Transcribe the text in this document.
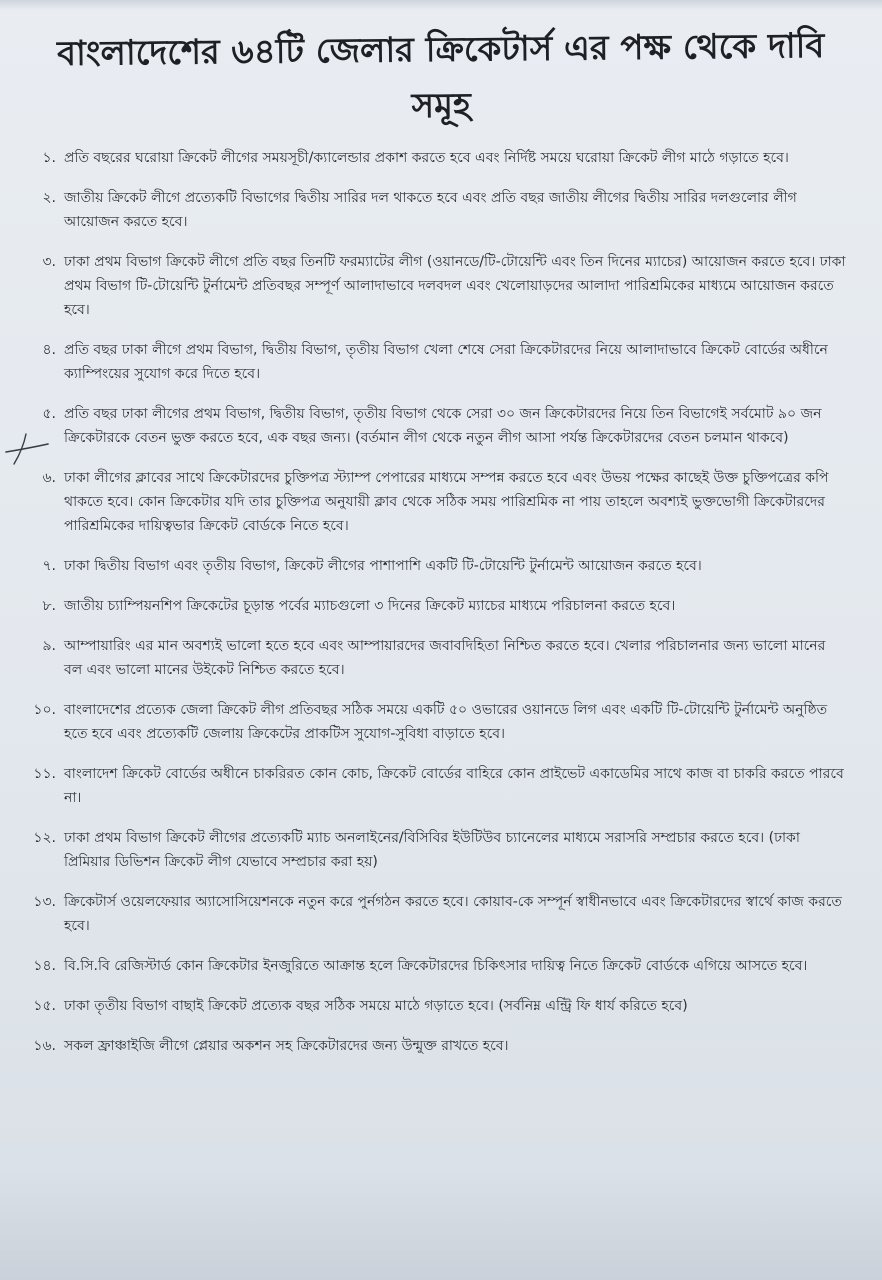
বাংলাদেশের ৬৪টি জেলার ক্রিকেটার্স এর পক্ষ থেকে দাবি সমূহ
১. প্রতি বছরের ঘরোয়া ক্রিকেট লীগের সময়সূচী/ক্যালেন্ডার প্রকাশ করতে হবে এবং নির্দিষ্ট সময়ে ঘরোয়া ক্রিকেট লীগ মাঠে গড়াতে হবে।
২. জাতীয় ক্রিকেট লীগে প্রত্যেকটি বিভাগের দ্বিতীয় সারির দল থাকতে হবে এবং প্রতি বছর জাতীয় লীগের দ্বিতীয় সারির দলগুলোর লীগ আয়োজন করতে হবে।
৩. ঢাকা প্রথম বিভাগ ক্রিকেট লীগে প্রতি বছর তিনটি ফরম্যাটের লীগ (ওয়ানডে/টি-টোয়েন্টি এবং তিন দিনের ম্যাচের) আয়োজন করতে হবে। ঢাকা প্রথম বিভাগ টি-টোয়েন্টি টুর্নামেন্ট প্রতিবছর সম্পূর্ণ আলাদাভাবে দলবদল এবং খেলোয়াড়দের আলাদা পারিশ্রমিকের মাধ্যমে আয়োজন করতে হবে।
৪. প্রতি বছর ঢাকা লীগে প্রথম বিভাগ, দ্বিতীয় বিভাগ, তৃতীয় বিভাগ খেলা শেষে সেরা ক্রিকেটারদের নিয়ে আলাদাভাবে ক্রিকেট বোর্ডের অধীনে ক্যাম্পিংয়ের সুযোগ করে দিতে হবে।
৫. প্রতি বছর ঢাকা লীগের প্রথম বিভাগ, দ্বিতীয় বিভাগ, তৃতীয় বিভাগ থেকে সেরা ৩০ জন ক্রিকেটারদের নিয়ে তিন বিভাগেই সর্বমোট ৯০ জন ক্রিকেটারকে বেতন ভুক্ত করতে হবে, এক বছর জন্য। (বর্তমান লীগ থেকে নতুন লীগ আসা পর্যন্ত ক্রিকেটারদের বেতন চলমান থাকবে)
৬. ঢাকা লীগের ক্লাবের সাথে ক্রিকেটারদের চুক্তিপত্র স্ট্যাম্প পেপারের মাধ্যমে সম্পন্ন করতে হবে এবং উভয় পক্ষের কাছেই উক্ত চুক্তিপত্রের কপি থাকতে হবে। কোন ক্রিকেটার যদি তার চুক্তিপত্র অনুযায়ী ক্লাব থেকে সঠিক সময় পারিশ্রমিক না পায় তাহলে অবশ্যই ভুক্তভোগী ক্রিকেটারদের পারিশ্রমিকের দায়িত্বভার ক্রিকেট বোর্ডকে নিতে হবে।
৭. ঢাকা দ্বিতীয় বিভাগ এবং তৃতীয় বিভাগ, ক্রিকেট লীগের পাশাপাশি একটি টি-টোয়েন্টি টুর্নামেন্ট আয়োজন করতে হবে।
৮. জাতীয় চ্যাম্পিয়নশিপ ক্রিকেটের চূড়ান্ত পর্বের ম্যাচগুলো ৩ দিনের ক্রিকেট ম্যাচের মাধ্যমে পরিচালনা করতে হবে।
৯. আম্পায়ারিং এর মান অবশ্যই ভালো হতে হবে এবং আম্পায়ারদের জবাবদিহিতা নিশ্চিত করতে হবে। খেলার পরিচালনার জন্য ভালো মানের বল এবং ভালো মানের উইকেট নিশ্চিত করতে হবে।
১০. বাংলাদেশের প্রত্যেক জেলা ক্রিকেট লীগ প্রতিবছর সঠিক সময়ে একটি ৫০ ওভারের ওয়ানডে লিগ এবং একটি টি-টোয়েন্টি টুর্নামেন্ট অনুষ্ঠিত হতে হবে এবং প্রত্যেকটি জেলায় ক্রিকেটের প্রাকটিস সুযোগ-সুবিধা বাড়াতে হবে।
১১. বাংলাদেশ ক্রিকেট বোর্ডের অধীনে চাকরিরত কোন কোচ, ক্রিকেট বোর্ডের বাহিরে কোন প্রাইভেট একাডেমির সাথে কাজ বা চাকরি করতে পারবে না।
১২. ঢাকা প্রথম বিভাগ ক্রিকেট লীগের প্রত্যেকটি ম্যাচ অনলাইনের/বিসিবির ইউটিউব চ্যানেলের মাধ্যমে সরাসরি সম্প্রচার করতে হবে। (ঢাকা প্রিমিয়ার ডিভিশন ক্রিকেট লীগ যেভাবে সম্প্রচার করা হয়)
১৩. ক্রিকেটার্স ওয়েলফেয়ার অ্যাসোসিয়েশনকে নতুন করে পুর্নগঠন করতে হবে। কোয়াব-কে সম্পূর্ন স্বাধীনভাবে এবং ক্রিকেটারদের স্বার্থে কাজ করতে হবে।
১৪. বি.সি.বি রেজিস্টার্ড কোন ক্রিকেটার ইনজুরিতে আক্রান্ত হলে ক্রিকেটারদের চিকিৎসার দায়িত্ব নিতে ক্রিকেট বোর্ডকে এগিয়ে আসতে হবে।
১৫. ঢাকা তৃতীয় বিভাগ বাছাই ক্রিকেট প্রত্যেক বছর সঠিক সময়ে মাঠে গড়াতে হবে। (সর্বনিম্ন এন্ট্রি ফি ধার্য করিতে হবে)
১৬. সকল ফ্রাঞ্চাইজি লীগে প্লেয়ার অকশন সহ ক্রিকেটারদের জন্য উন্মুক্ত রাখতে হবে।
